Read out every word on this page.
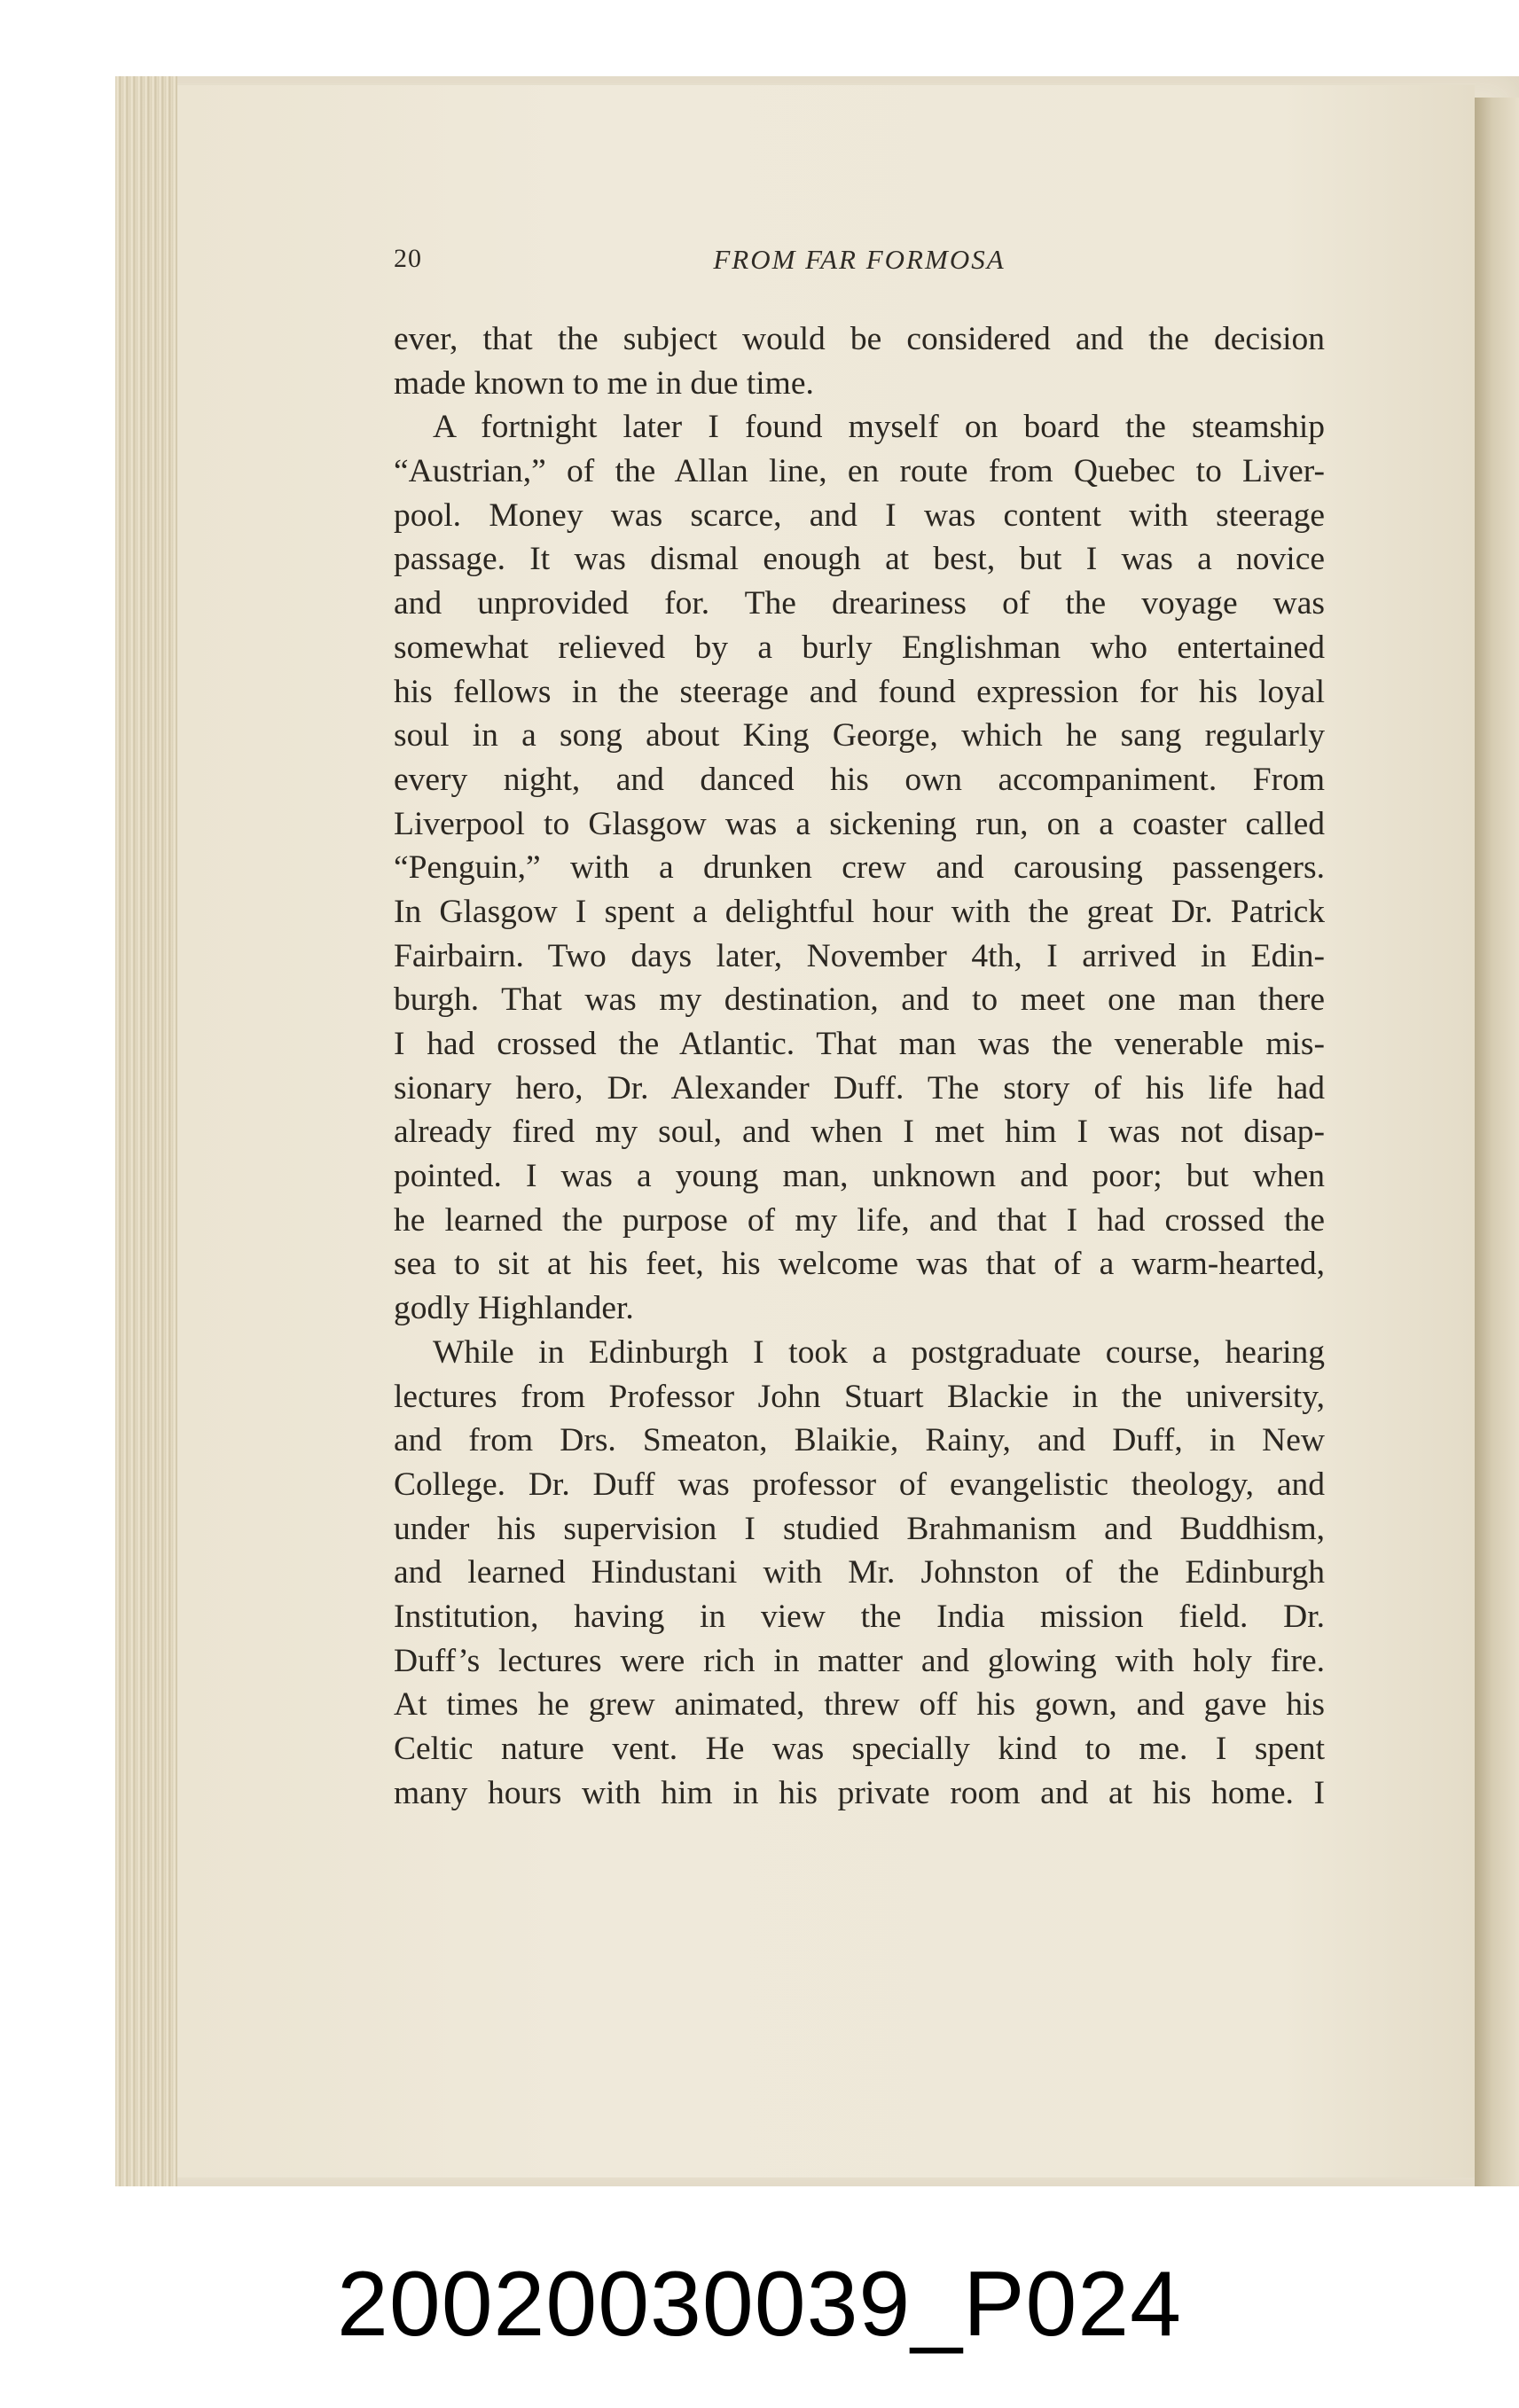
20	FROM FAR FORMOSA
ever, that the subject would be considered and the decision
made known to me in due time.
A fortnight later I found myself on board the steamship
“Austrian,” of the Allan line, en route from Quebec to Liver-
pool. Money was scarce, and I was content with steerage
passage. It was dismal enough at best, but I was a novice
and unprovided for. The dreariness of the voyage was
somewhat relieved by a burly Englishman who entertained
his fellows in the steerage and found expression for his loyal
soul in a song about King George, which he sang regularly
every night, and danced his own accompaniment. From
Liverpool to Glasgow was a sickening run, on a coaster called
“Penguin,” with a drunken crew and carousing passengers.
In Glasgow I spent a delightful hour with the great Dr. Patrick
Fairbairn. Two days later, November 4th, I arrived in Edin-
burgh. That was my destination, and to meet one man there
I had crossed the Atlantic. That man was the venerable mis-
sionary hero, Dr. Alexander Duff. The story of his life had
already fired my soul, and when I met him I was not disap-
pointed. I was a young man, unknown and poor; but when
he learned the purpose of my life, and that I had crossed the
sea to sit at his feet, his welcome was that of a warm-hearted,
godly Highlander.
While in Edinburgh I took a postgraduate course, hearing
lectures from Professor John Stuart Blackie in the university,
and from Drs. Smeaton, Blaikie, Rainy, and Duff, in New
College. Dr. Duff was professor of evangelistic theology, and
under his supervision I studied Brahmanism and Buddhism,
and learned Hindustani with Mr. Johnston of the Edinburgh
Institution, having in view the India mission field. Dr.
Duff’s lectures were rich in matter and glowing with holy fire.
At times he grew animated, threw off his gown, and gave his
Celtic nature vent. He was specially kind to me. I spent
many hours with him in his private room and at his home. I
20020030039_P024
